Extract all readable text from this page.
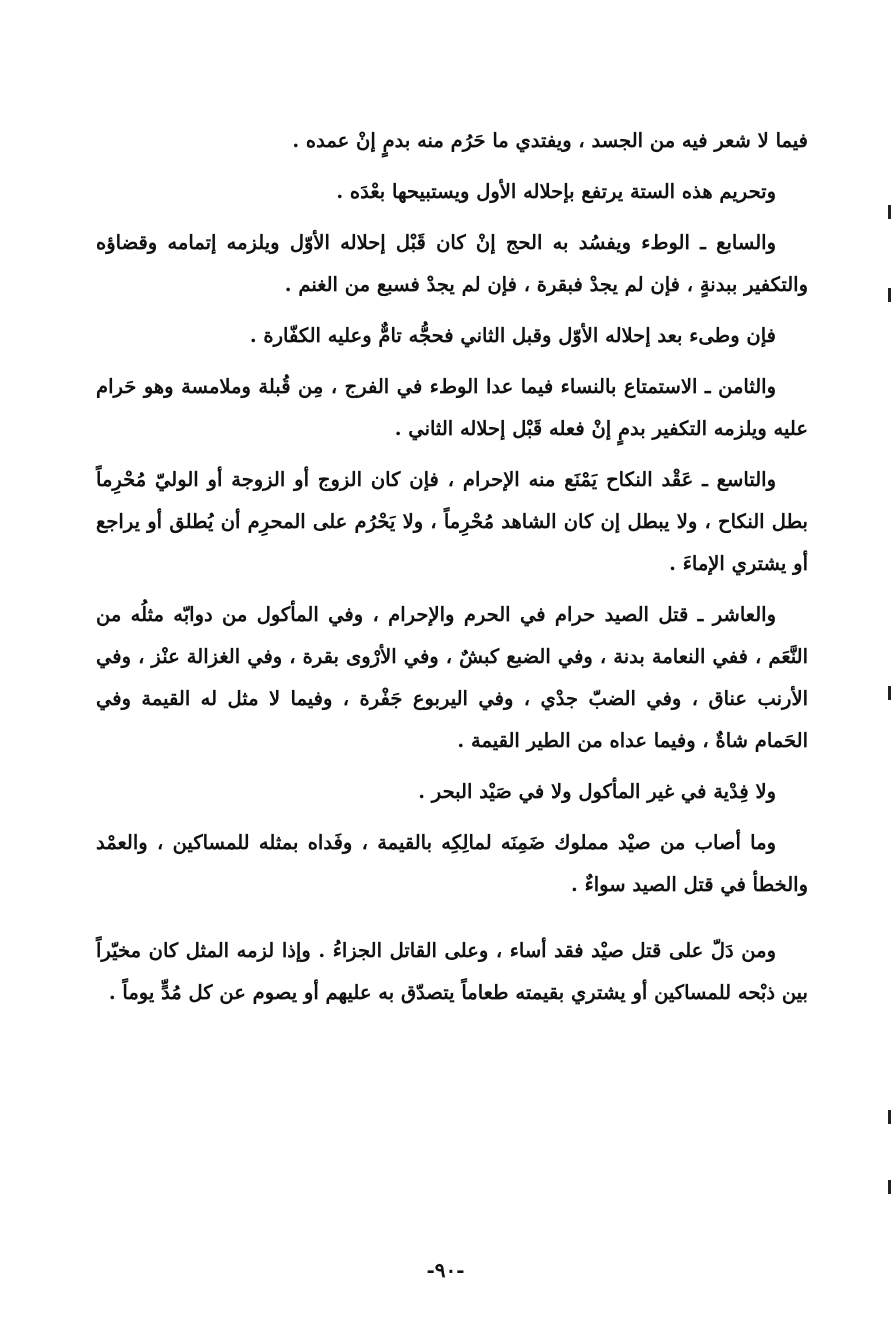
فيما لا شعر فيه من الجسد ، ويفتدي ما حَرُم منه بدمٍ إنْ عمده .

وتحريم هذه الستة يرتفع بإحلاله الأول ويستبيحها بعْدَه .

والسابع ـ الوطء ويفسُد به الحج إنْ كان قَبْل إحلاله الأوّل ويلزمه إتمامه وقضاؤه والتكفير ببدنةٍ ، فإن لم يجدْ فبقرة ، فإن لم يجدْ فسبع من الغنم .

فإن وطىء بعد إحلاله الأوّل وقبل الثاني فحجُّه تامٌّ وعليه الكفّارة .

والثامن ـ الاستمتاع بالنساء فيما عدا الوطء في الفرج ، مِن قُبلة وملامسة وهو حَرام عليه ويلزمه التكفير بدمٍ إنْ فعله قَبْل إحلاله الثاني .

والتاسع ـ عَقْد النكاح يَمْنَع منه الإحرام ، فإن كان الزوج أو الزوجة أو الوليّ مُحْرِماً بطل النكاح ، ولا يبطل إن كان الشاهد مُحْرِماً ، ولا يَحْرُم على المحرِم أن يُطلق أو يراجع أو يشتري الإماءَ .

والعاشر ـ قتل الصيد حرام في الحرم والإحرام ، وفي المأكول من دوابّه مثلُه من النَّعَم ، ففي النعامة بدنة ، وفي الضبع كبشٌ ، وفي الأرْوى بقرة ، وفي الغزالة عنْز ، وفي الأرنب عناق ، وفي الضبّ جدْي ، وفي اليربوع جَفْرة ، وفيما لا مثل له القيمة وفي الحَمام شاةٌ ، وفيما عداه من الطير القيمة .

ولا فِدْية في غير المأكول ولا في صَيْد البحر .

وما أصاب من صيْد مملوك ضَمِنَه لمالِكِه بالقيمة ، وفَداه بمثله للمساكين ، والعمْد والخطأ في قتل الصيد سواءٌ .

ومن دَلّ على قتل صيْد فقد أساء ، وعلى القاتل الجزاءُ . وإذا لزمه المثل كان مخيّراً بين ذبْحه للمساكين أو يشتري بقيمته طعاماً يتصدّق به عليهم أو يصوم عن كل مُدٍّ يوماً .

-٩٠-
